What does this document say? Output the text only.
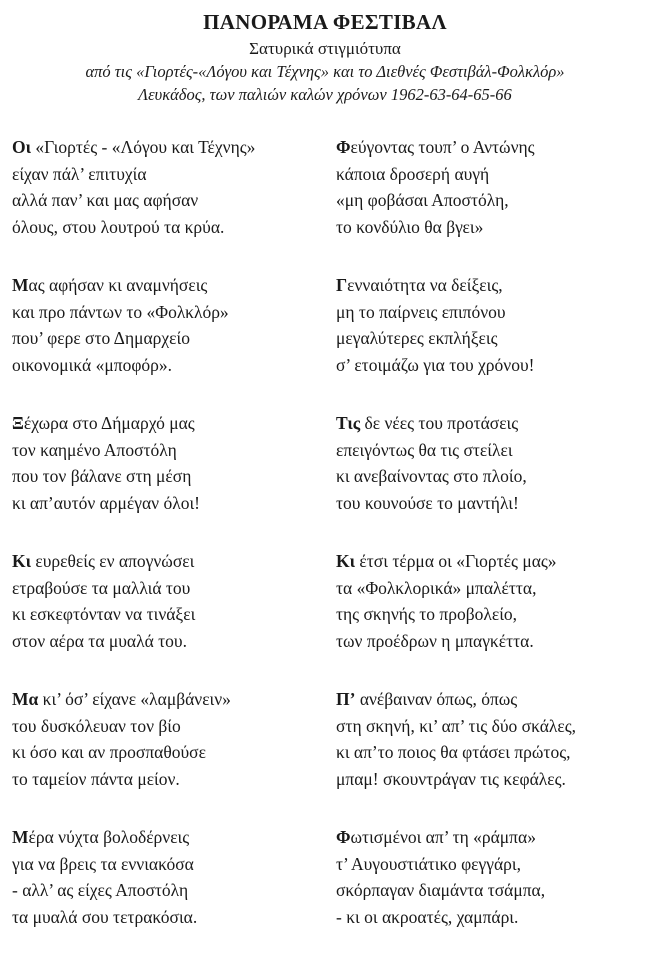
ΠΑΝΟΡΑΜΑ ΦΕΣΤΙΒΑΛ

Σατυρικά στιγμιότυπα

από τις «Γιορτές-«Λόγου και Τέχνης» και το Διεθνές Φεστιβάλ-Φολκλόρ»

Λευκάδος, των παλιών καλών χρόνων 1962-63-64-65-66

Οι «Γιορτές - «Λόγου και Τέχνης»
είχαν πάλ’ επιτυχία
αλλά παν’ και μας αφήσαν
όλους, στου λουτρού τα κρύα.
Μας αφήσαν κι αναμνήσεις
και προ πάντων το «Φολκλόρ»
που’ φερε στο Δημαρχείο
οικονομικά «μποφόρ».
Ξέχωρα στο Δήμαρχό μας
τον καημένο Αποστόλη
που τον βάλανε στη μέση
κι απ’αυτόν αρμέγαν όλοι!
Κι ευρεθείς εν απογνώσει
ετραβούσε τα μαλλιά του
κι εσκεφτόνταν να τινάξει
στον αέρα τα μυαλά του.
Μα κι’ όσ’ είχανε «λαμβάνειν»
του δυσκόλευαν τον βίο
κι όσο και αν προσπαθούσε
το ταμείον πάντα μείον.
Μέρα νύχτα βολοδέρνεις
για να βρεις τα εννιακόσα
- αλλ’ ας είχες Αποστόλη
τα μυαλά σου τετρακόσια.
Φεύγοντας τουπ’ ο Αντώνης
κάποια δροσερή αυγή
«μη φοβάσαι Αποστόλη,
το κονδύλιο θα βγει»
Γενναιότητα να δείξεις,
μη το παίρνεις επιπόνου
μεγαλύτερες εκπλήξεις
σ’ ετοιμάζω για του χρόνου!
Τις δε νέες του προτάσεις
επειγόντως θα τις στείλει
κι ανεβαίνοντας στο πλοίο,
του κουνούσε το μαντήλι!
Κι έτσι τέρμα οι «Γιορτές μας»
τα «Φολκλορικά» μπαλέττα,
της σκηνής το προβολείο,
των προέδρων η μπαγκέττα.
Π’ ανέβαιναν όπως, όπως
στη σκηνή, κι’ απ’ τις δύο σκάλες,
κι απ’το ποιος θα φτάσει πρώτος,
μπαμ! σκουντράγαν τις κεφάλες.
Φωτισμένοι απ’ τη «ράμπα»
τ’ Αυγουστιάτικο φεγγάρι,
σκόρπαγαν διαμάντα τσάμπα,
- κι οι ακροατές, χαμπάρι.
